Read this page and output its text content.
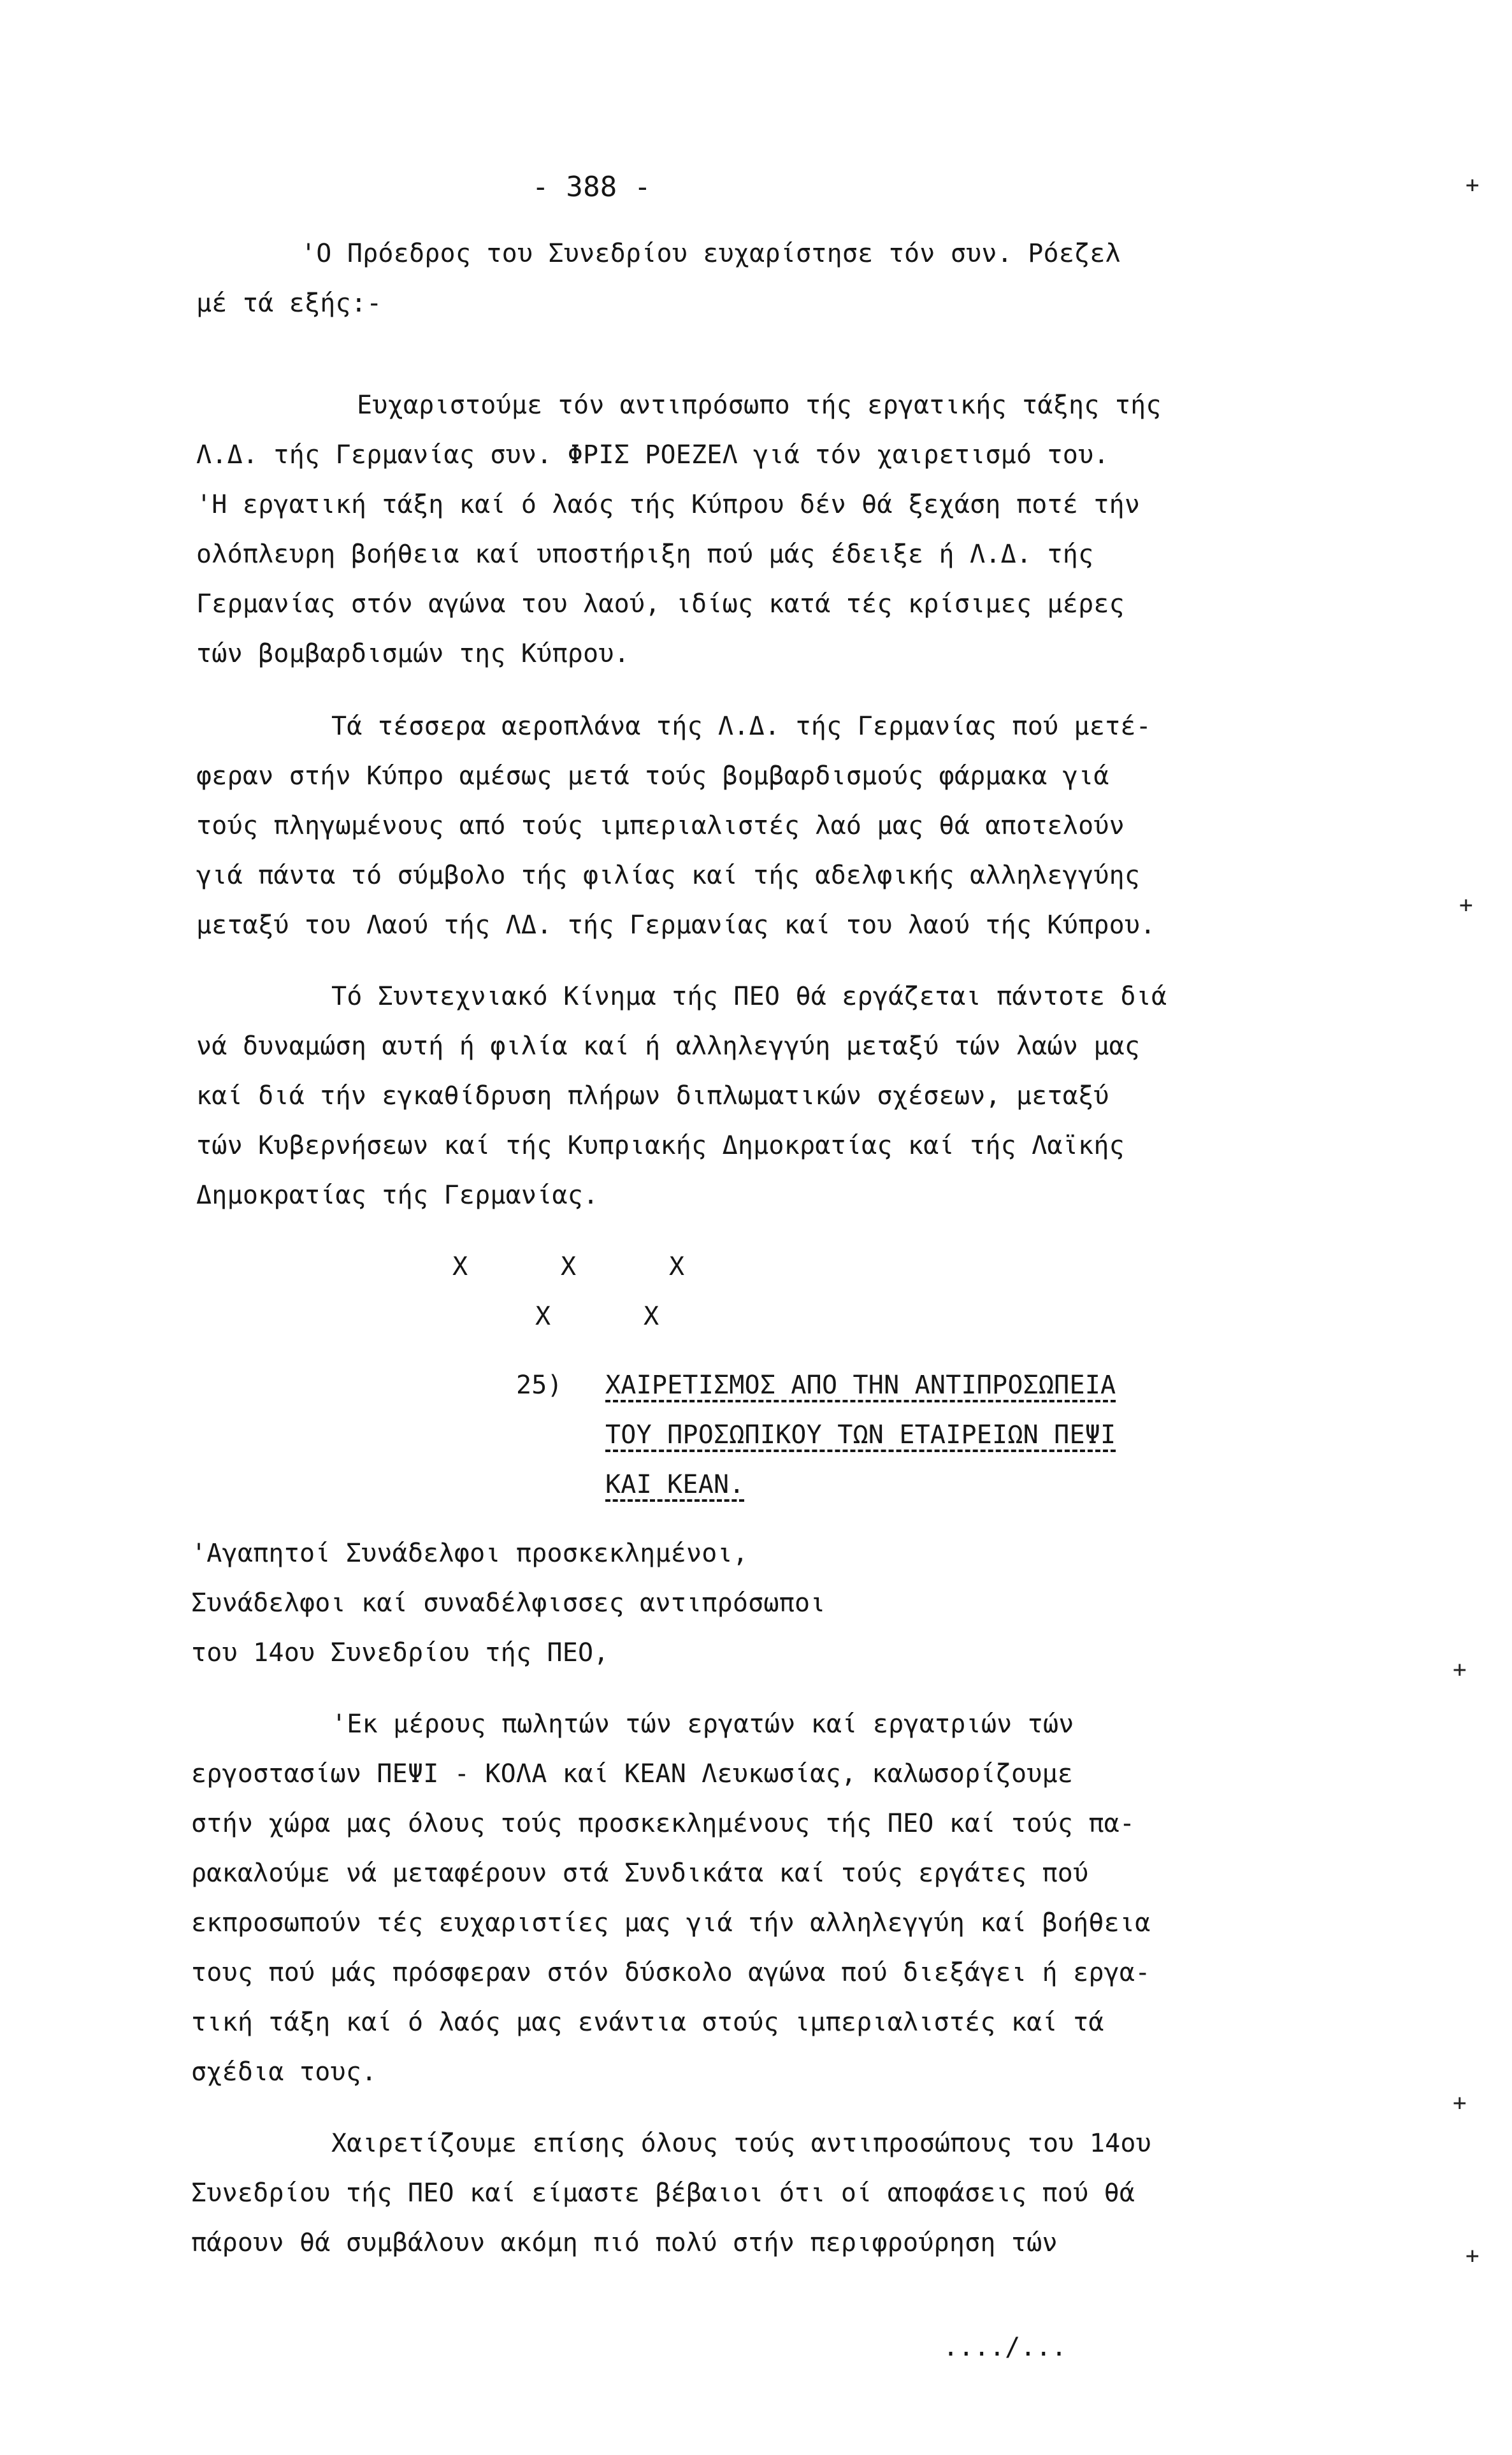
- 388 -
'Ο Πρόεδρος του Συνεδρίου ευχαρίστησε τόν συν. Ρόεζελ
μέ τά εξής:-
Ευχαριστούμε τόν αντιπρόσωπο τής εργατικής τάξης τής
Λ.Δ. τής Γερμανίας συν. ΦΡΙΣ ΡΟΕΖΕΛ γιά τόν χαιρετισμό του.
'Η εργατική τάξη καί ό λαός τής Κύπρου δέν θά ξεχάση ποτέ τήν
ολόπλευρη βοήθεια καί υποστήριξη πού μάς έδειξε ή Λ.Δ. τής
Γερμανίας στόν αγώνα του λαού, ιδίως κατά τές κρίσιμες μέρες
τών βομβαρδισμών της Κύπρου.
Τά τέσσερα αεροπλάνα τής Λ.Δ. τής Γερμανίας πού μετέ-
φεραν στήν Κύπρο αμέσως μετά τούς βομβαρδισμούς φάρμακα γιά
τούς πληγωμένους από τούς ιμπεριαλιστές λαό μας θά αποτελούν
γιά πάντα τό σύμβολο τής φιλίας καί τής αδελφικής αλληλεγγύης
μεταξύ του Λαού τής ΛΔ. τής Γερμανίας καί του λαού τής Κύπρου.
Τό Συντεχνιακό Κίνημα τής ΠΕΟ θά εργάζεται πάντοτε διά
νά δυναμώση αυτή ή φιλία καί ή αλληλεγγύη μεταξύ τών λαών μας
καί διά τήν εγκαθίδρυση πλήρων διπλωματικών σχέσεων, μεταξύ
τών Κυβερνήσεων καί τής Κυπριακής Δημοκρατίας καί τής Λαϊκής
Δημοκρατίας τής Γερμανίας.
Χ      Χ      Χ
Χ      Χ
25) ΧΑΙΡΕΤΙΣΜΟΣ ΑΠΟ ΤΗΝ ΑΝΤΙΠΡΟΣΩΠΕΙΑ
ΤΟΥ ΠΡΟΣΩΠΙΚΟΥ ΤΩΝ ΕΤΑΙΡΕΙΩΝ ΠΕΨΙ
ΚΑΙ ΚΕΑΝ.
'Αγαπητοί Συνάδελφοι προσκεκλημένοι,
Συνάδελφοι καί συναδέλφισσες αντιπρόσωποι
του 14ου Συνεδρίου τής ΠΕΟ,
'Εκ μέρους πωλητών τών εργατών καί εργατριών τών
εργοστασίων ΠΕΨΙ - ΚΟΛΑ καί ΚΕΑΝ Λευκωσίας, καλωσορίζουμε
στήν χώρα μας όλους τούς προσκεκλημένους τής ΠΕΟ καί τούς πα-
ρακαλούμε νά μεταφέρουν στά Συνδικάτα καί τούς εργάτες πού
εκπροσωπούν τές ευχαριστίες μας γιά τήν αλληλεγγύη καί βοήθεια
τους πού μάς πρόσφεραν στόν δύσκολο αγώνα πού διεξάγει ή εργα-
τική τάξη καί ό λαός μας ενάντια στούς ιμπεριαλιστές καί τά
σχέδια τους.
Χαιρετίζουμε επίσης όλους τούς αντιπροσώπους του 14ου
Συνεδρίου τής ΠΕΟ καί είμαστε βέβαιοι ότι οί αποφάσεις πού θά
πάρουν θά συμβάλουν ακόμη πιό πολύ στήν περιφρούρηση τών
..../...
+
+
+
+
+
